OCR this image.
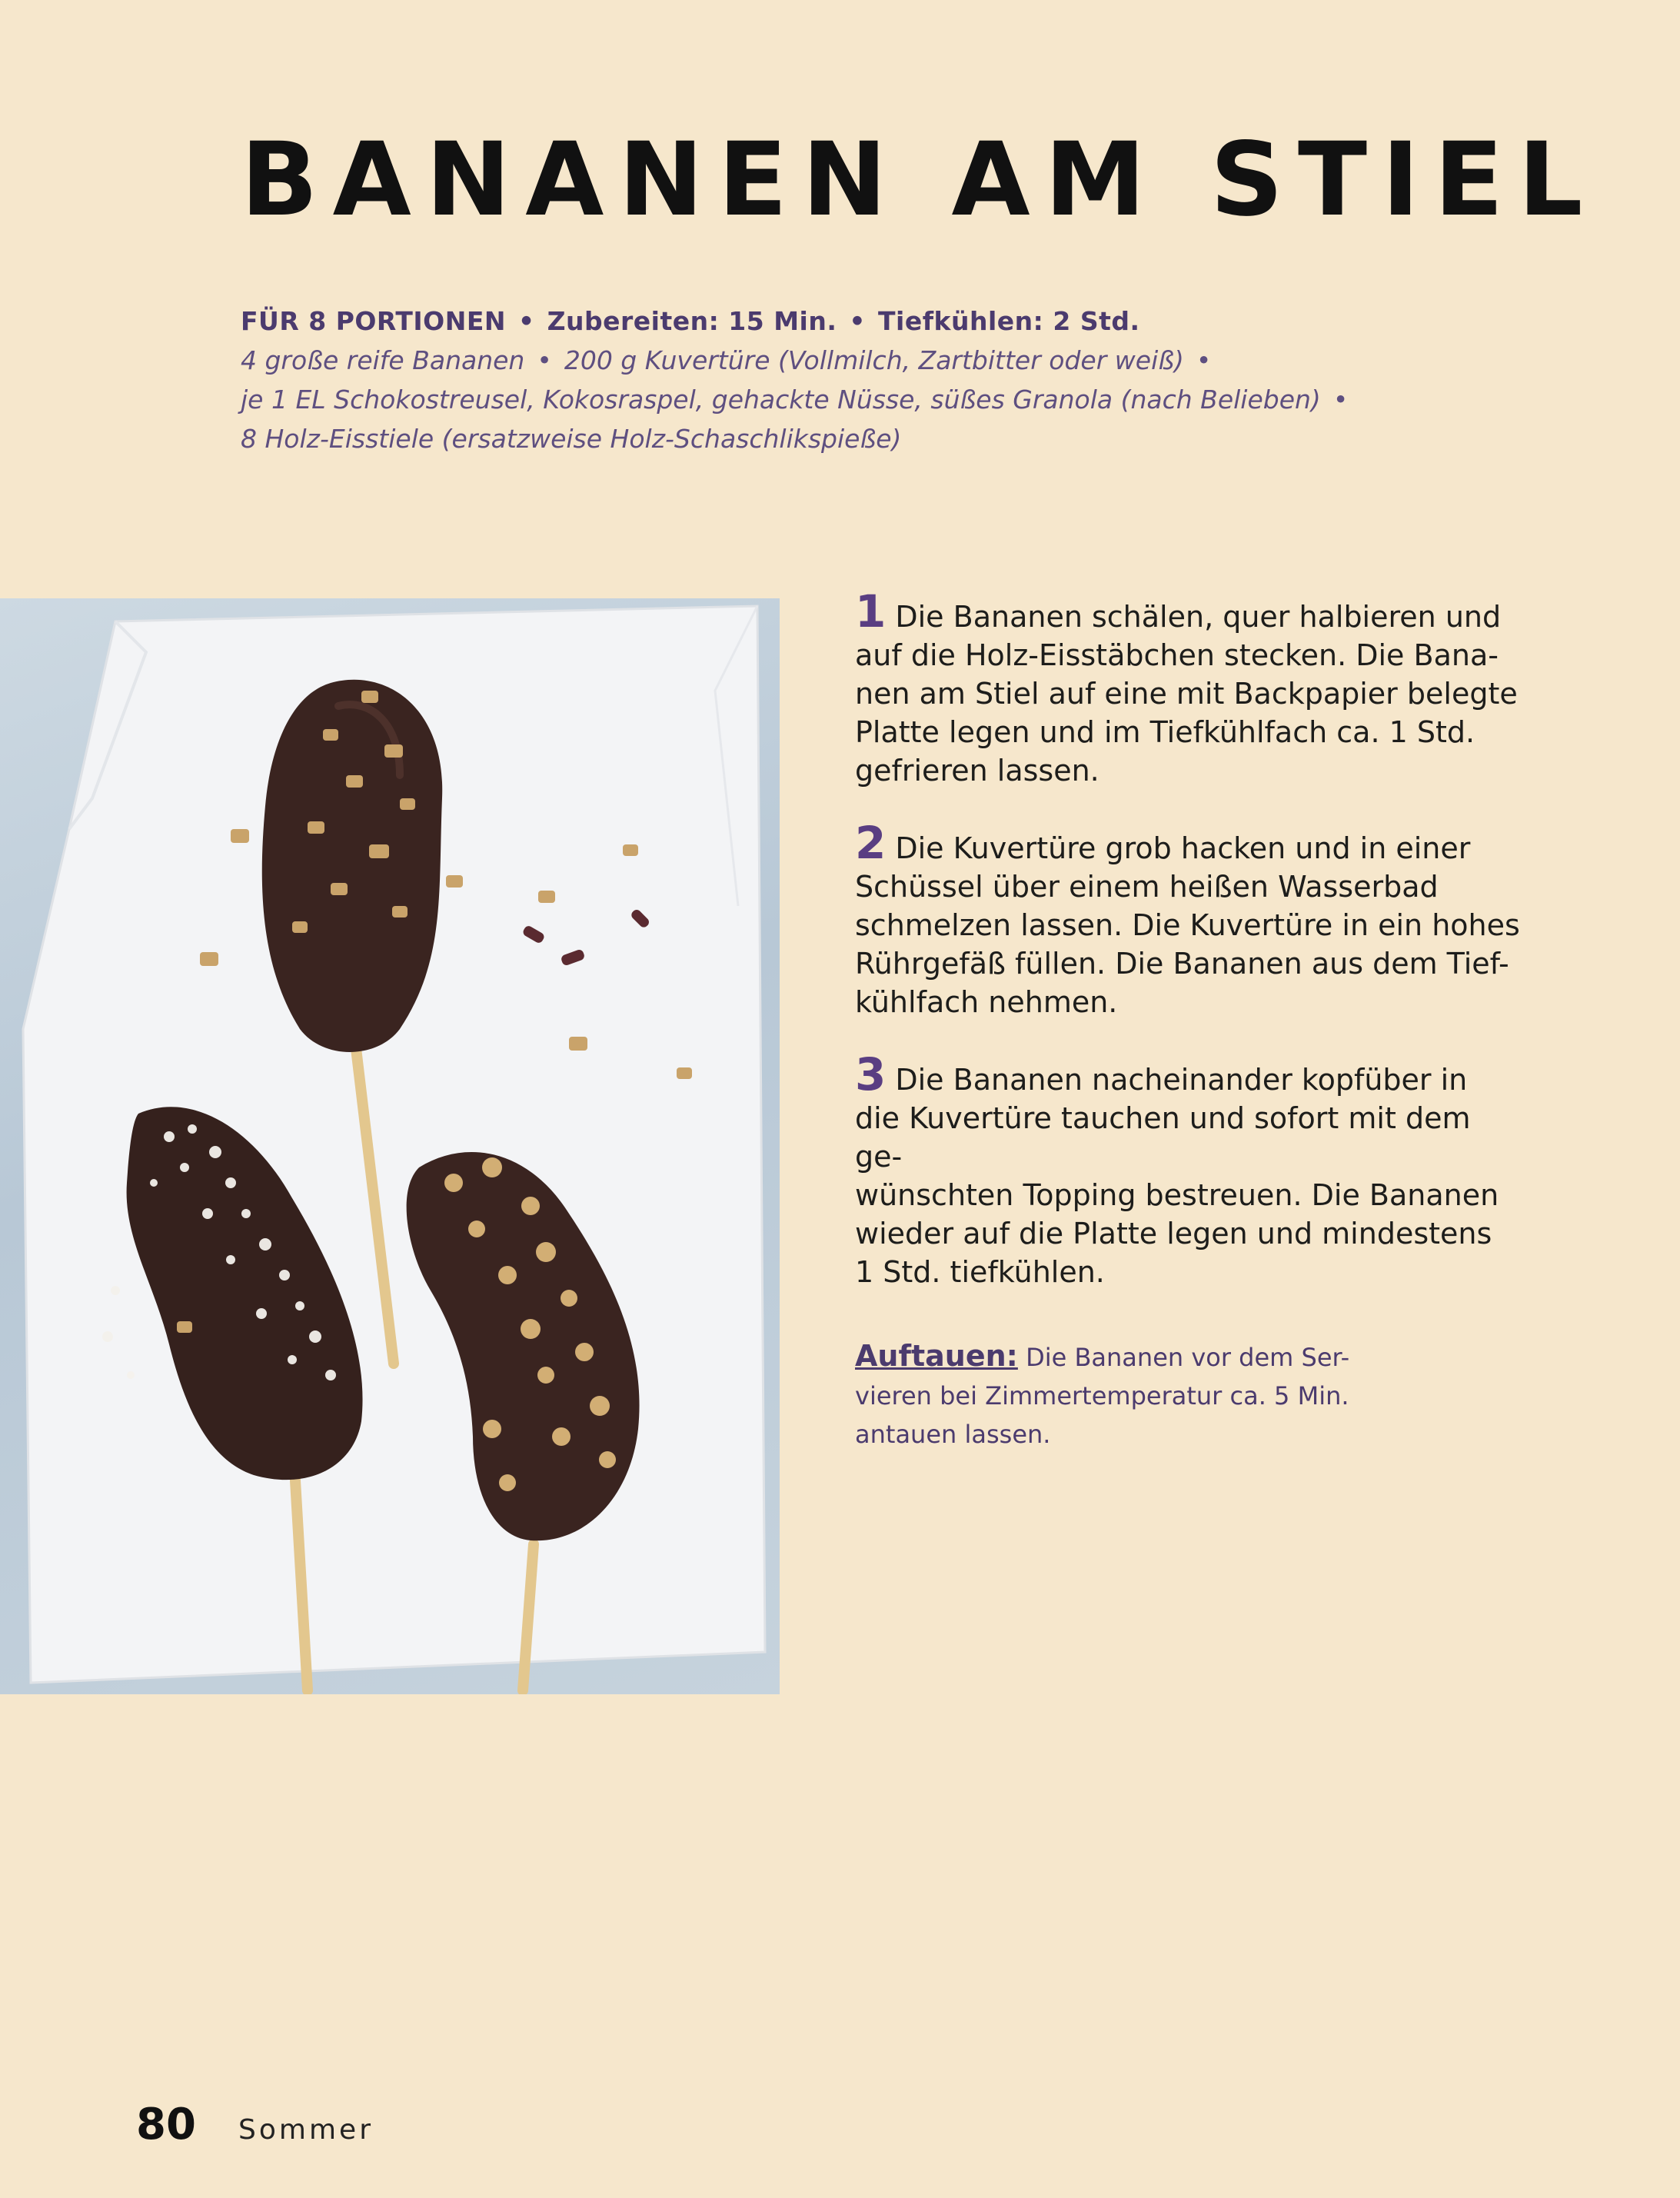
BANANEN AM STIEL
FÜR 8 PORTIONEN • Zubereiten: 15 Min. • Tiefkühlen: 2 Std.
4 große reife Bananen • 200 g Kuvertüre (Vollmilch, Zartbitter oder weiß) •
je 1 EL Schokostreusel, Kokosraspel, gehackte Nüsse, süßes Granola (nach Belieben) •
8 Holz-Eisstiele (ersatzweise Holz-Schaschlikspieße)
1 Die Bananen schälen, quer halbieren und
auf die Holz-Eisstäbchen stecken. Die Bana-
nen am Stiel auf eine mit Backpapier belegte
Platte legen und im Tiefkühlfach ca. 1 Std.
gefrieren lassen.
2 Die Kuvertüre grob hacken und in einer
Schüssel über einem heißen Wasserbad
schmelzen lassen. Die Kuvertüre in ein hohes
Rührgefäß füllen. Die Bananen aus dem Tief-
kühlfach nehmen.
3 Die Bananen nacheinander kopfüber in
die Kuvertüre tauchen und sofort mit dem ge-
wünschten Topping bestreuen. Die Bananen
wieder auf die Platte legen und mindestens
1 Std. tiefkühlen.
Auftauen: Die Bananen vor dem Ser-
vieren bei Zimmertemperatur ca. 5 Min.
antauen lassen.
80 Sommer
